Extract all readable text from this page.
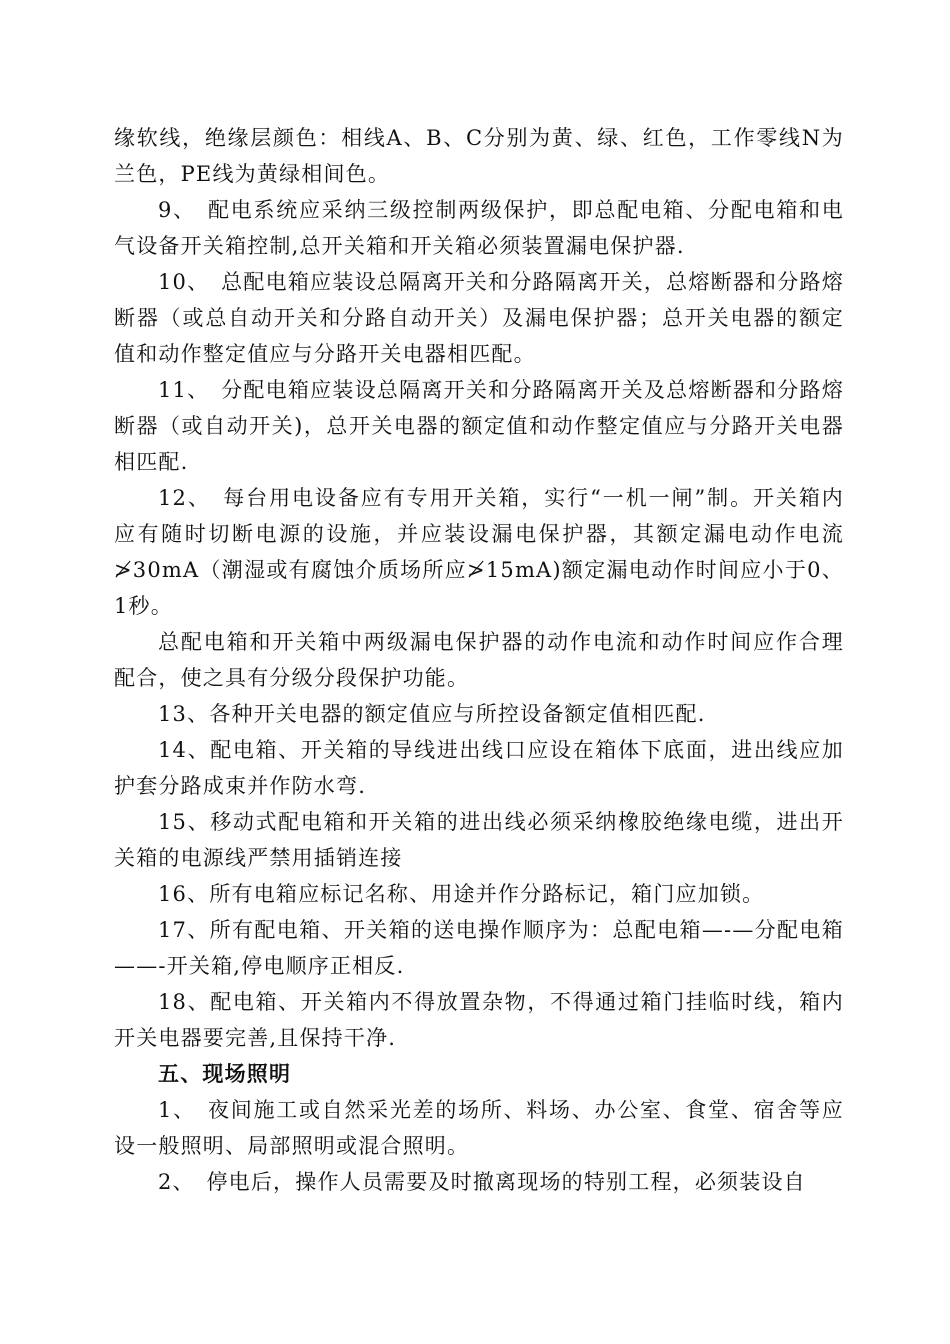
缘软线，绝缘层颜色：相线A、B、C分别为黄、绿、红色，工作零线N为兰色，PE线为黄绿相间色。

9、　配电系统应采纳三级控制两级保护，即总配电箱、分配电箱和电气设备开关箱控制,总开关箱和开关箱必须装置漏电保护器.

10、　总配电箱应装设总隔离开关和分路隔离开关，总熔断器和分路熔断器（或总自动开关和分路自动开关）及漏电保护器；总开关电器的额定值和动作整定值应与分路开关电器相匹配。

11、　分配电箱应装设总隔离开关和分路隔离开关及总熔断器和分路熔断器（或自动开关)，总开关电器的额定值和动作整定值应与分路开关电器相匹配.

12、　每台用电设备应有专用开关箱，实行“一机一闸”制。开关箱内应有随时切断电源的设施，并应装设漏电保护器，其额定漏电动作电流≯30mA（潮湿或有腐蚀介质场所应≯15mA)额定漏电动作时间应小于0、1秒。

总配电箱和开关箱中两级漏电保护器的动作电流和动作时间应作合理配合，使之具有分级分段保护功能。

13、各种开关电器的额定值应与所控设备额定值相匹配.

14、配电箱、开关箱的导线进出线口应设在箱体下底面，进出线应加护套分路成束并作防水弯.

15、移动式配电箱和开关箱的进出线必须采纳橡胶绝缘电缆，进出开关箱的电源线严禁用插销连接

16、所有电箱应标记名称、用途并作分路标记，箱门应加锁。

17、所有配电箱、开关箱的送电操作顺序为：总配电箱—-—分配电箱——-开关箱,停电顺序正相反.

18、配电箱、开关箱内不得放置杂物，不得通过箱门挂临时线，箱内开关电器要完善,且保持干净.

五、现场照明

1、　夜间施工或自然采光差的场所、料场、办公室、食堂、宿舍等应设一般照明、局部照明或混合照明。

2、　停电后，操作人员需要及时撤离现场的特别工程，必须装设自
